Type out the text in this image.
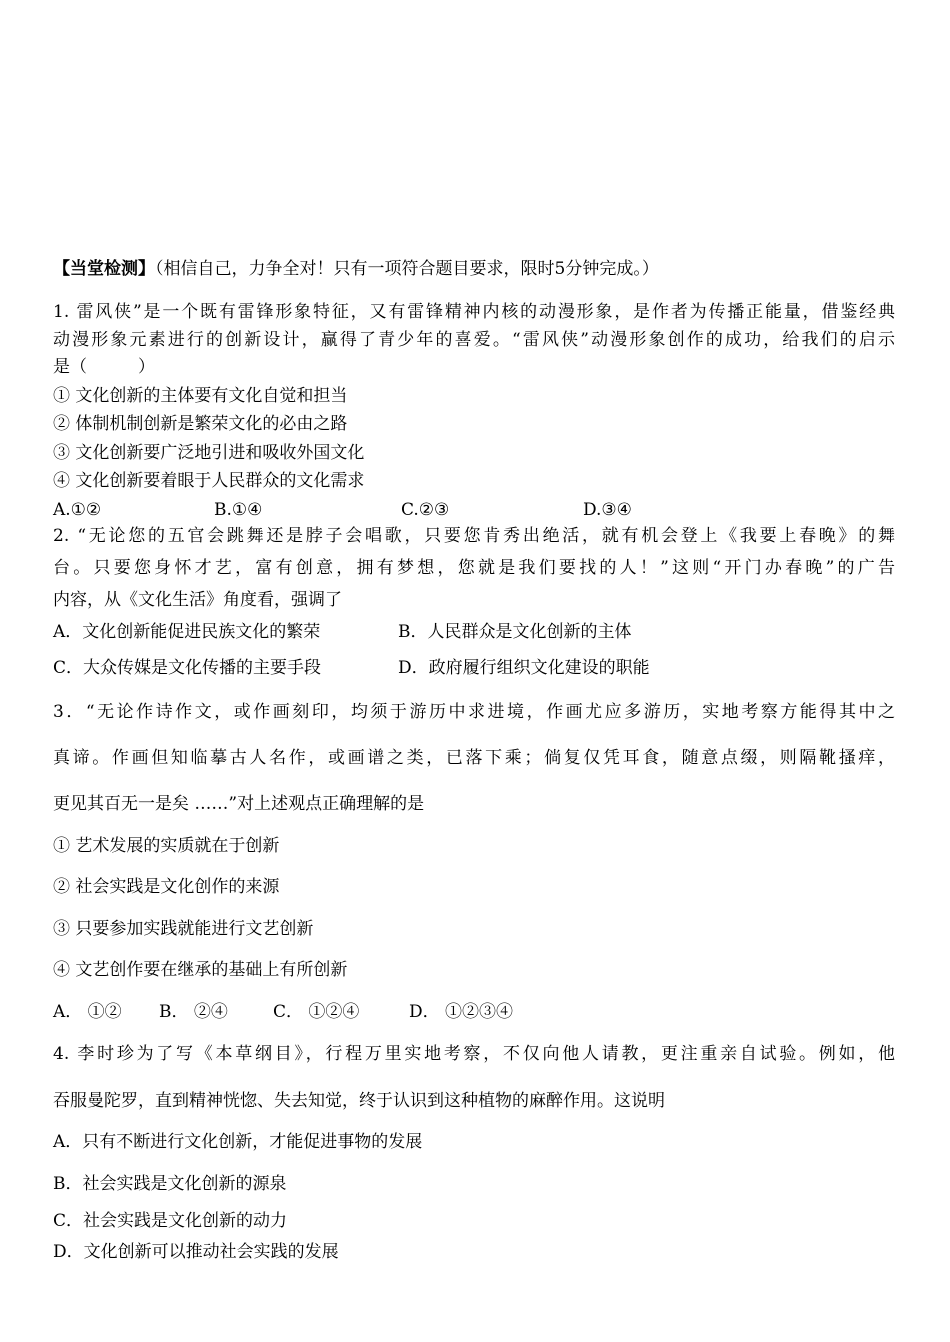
【当堂检测】（相信自己，力争全对！只有一项符合题目要求，限时5分钟完成。）
1. 雷风侠”是一个既有雷锋形象特征，又有雷锋精神内核的动漫形象，是作者为传播正能量，借鉴经典
动漫形象元素进行的创新设计，赢得了青少年的喜爱。“雷风侠”动漫形象创作的成功，给我们的启示
是（　　　）
① 文化创新的主体要有文化自觉和担当
② 体制机制创新是繁荣文化的必由之路
③ 文化创新要广泛地引进和吸收外国文化
④ 文化创新要着眼于人民群众的文化需求
A.①②	B.①④	C.②③	D.③④
2. “无论您的五官会跳舞还是脖子会唱歌，只要您肯秀出绝活，就有机会登上《我要上春晚》的舞
台。只要您身怀才艺，富有创意，拥有梦想，您就是我们要找的人！”这则“开门办春晚”的广告
内容，从《文化生活》角度看，强调了
A．文化创新能促进民族文化的繁荣	B．人民群众是文化创新的主体
C．大众传媒是文化传播的主要手段	D．政府履行组织文化建设的职能
3．“无论作诗作文，或作画刻印，均须于游历中求进境，作画尤应多游历，实地考察方能得其中之
真谛。作画但知临摹古人名作，或画谱之类，已落下乘；倘复仅凭耳食，随意点缀，则隔靴搔痒，
更见其百无一是矣 ……”对上述观点正确理解的是
① 艺术发展的实质就在于创新
② 社会实践是文化创作的来源
③ 只要参加实践就能进行文艺创新
④ 文艺创作要在继承的基础上有所创新
A． ①② B． ②④	C． ①②④	D． ①②③④
4. 李时珍为了写《本草纲目》，行程万里实地考察，不仅向他人请教，更注重亲自试验。例如，他
吞服曼陀罗，直到精神恍惚、失去知觉，终于认识到这种植物的麻醉作用。这说明
A．只有不断进行文化创新，才能促进事物的发展
B．社会实践是文化创新的源泉
C．社会实践是文化创新的动力
D．文化创新可以推动社会实践的发展
